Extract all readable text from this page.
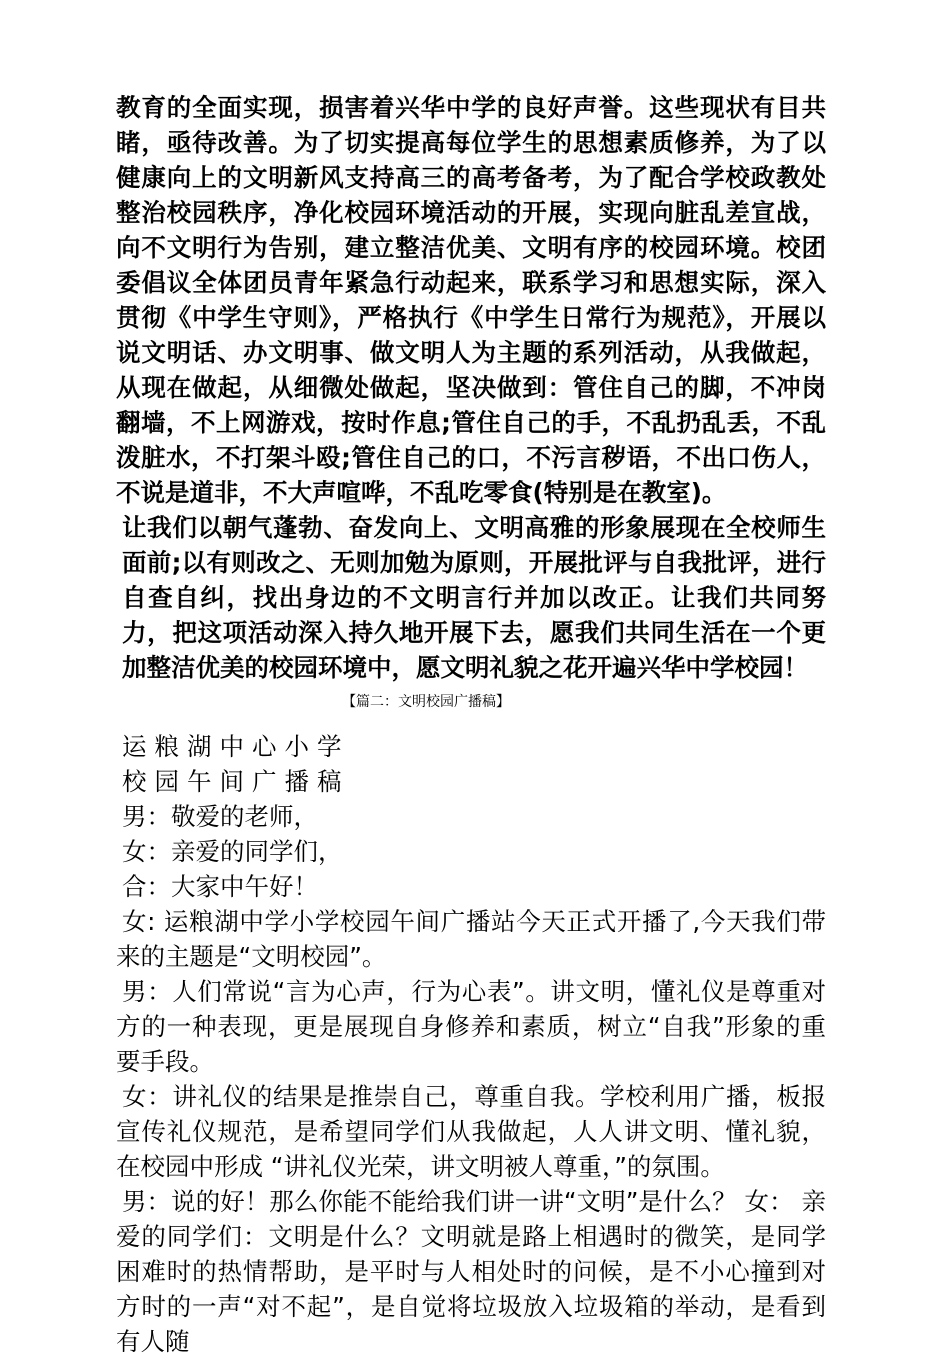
教育的全面实现，损害着兴华中学的良好声誉。这些现状有目共睹，亟待改善。为了切实提高每位学生的思想素质修养，为了以健康向上的文明新风支持高三的高考备考，为了配合学校政教处整治校园秩序，净化校园环境活动的开展，实现向脏乱差宣战，向不文明行为告别，建立整洁优美、文明有序的校园环境。校团委倡议全体团员青年紧急行动起来，联系学习和思想实际，深入贯彻《中学生守则》，严格执行《中学生日常行为规范》，开展以说文明话、办文明事、做文明人为主题的系列活动，从我做起，从现在做起，从细微处做起，坚决做到：管住自己的脚，不冲岗翻墙，不上网游戏，按时作息;管住自己的手，不乱扔乱丢，不乱泼脏水，不打架斗殴;管住自己的口，不污言秽语，不出口伤人，不说是道非，不大声喧哗，不乱吃零食(特别是在教室)。

让我们以朝气蓬勃、奋发向上、文明高雅的形象展现在全校师生面前;以有则改之、无则加勉为原则，开展批评与自我批评，进行自查自纠，找出身边的不文明言行并加以改正。让我们共同努力，把这项活动深入持久地开展下去，愿我们共同生活在一个更加整洁优美的校园环境中，愿文明礼貌之花开遍兴华中学校园！

【篇二：文明校园广播稿】

运粮湖中心小学

校园午间广播稿

男：敬爱的老师，

女：亲爱的同学们，

合：大家中午好！

女: 运粮湖中学小学校园午间广播站今天正式开播了,今天我们带来的主题是“文明校园”。

男：人们常说“言为心声，行为心表”。讲文明，懂礼仪是尊重对方的一种表现，更是展现自身修养和素质，树立“自我”形象的重要手段。

女：讲礼仪的结果是推崇自己，尊重自我。学校利用广播，板报宣传礼仪规范，是希望同学们从我做起，人人讲文明、懂礼貌，在校园中形成 “讲礼仪光荣，讲文明被人尊重，”的氛围。

男：说的好！那么你能不能给我们讲一讲“文明”是什么？ 女： 亲爱的同学们：文明是什么？文明就是路上相遇时的微笑，是同学困难时的热情帮助，是平时与人相处时的问候，是不小心撞到对方时的一声“对不起”，是自觉将垃圾放入垃圾箱的举动，是看到有人随
